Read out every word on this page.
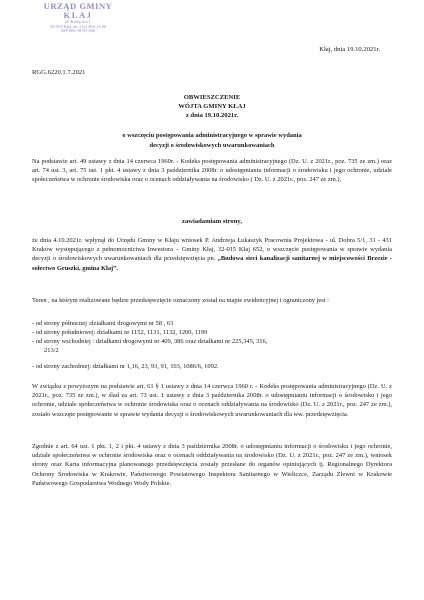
URZĄD GMINY
KLAJ
ul. Kolejowa 1
32-015 Kłaj, tel. (12) 284-11-00
NIP 683-18-91-046
Kłaj, dnia 19.10.2021r.
RGG.6220.1.7.2021
OBWIESZCZENIE
WÓJTA GMINY KŁAJ
z dnia 19.10.2021r.
o wszczęciu postępowania administracyjnego w sprawie wydania
decyzji o środowiskowych uwarunkowaniach
Na podstawie art. 49 ustawy z dnia 14 czerwca 1960r. - Kodeks postępowania administracyjnego (Dz. U. z 2021r., poz. 735 ze zm.) oraz art. 74 ust. 3, art. 75 ust. 1 pkt. 4 ustawy z dnia 3 października 2008r. o udostępnianiu informacji o środowisku i jego ochronie, udziale społeczeństwa w ochronie środowiska oraz o ocenach oddziaływania na środowisko ( Dz. U. z 2021r., poz. 247 ze zm.),
zawiadamiam strony,
że dnia 4.10.2021r. wpłynął do Urzędu Gminy w Kłaju wniosek P. Andrzeja Łukaszyk Pracownia Projektowa - ul. Dobra 5/1, 31 - 431 Kraków występującego z pełnomocnictwa Inwestora – Gminy Kłaj, 32-015 Kłaj 652, o wszczęcie postępowania w sprawie wydania decyzji o środowiskowych uwarunkowaniach dla przedsięwzięcia pn. „Budowa sieci kanalizacji sanitarnej w miejscowości Brzezie - sołectwo Gruszki, gmina Kłaj”.
Teren , na którym realizowane będzie przedsięwzięcie oznaczony został na mapie ewidencyjnej i ograniczony jest :
- od strony północnej :działkami drogowymi nr 58 , 63
- od strony południowej: działkami nr 1152, 1131, 1132, 1200, 1199
- od strony wschodniej : działkami drogowymi nr 409, 386 oraz działkami nr 225,345, 316,
213/2
- od strony zachodniej: działkami nr 1,16, 23, 93, 91, 103, 1086/6, 1092.
W związku z powyższym na podstawie art. 61 § 1 ustawy z dnia 14 czerwca 1960 r. - Kodeks postępowania administracyjnego (Dz. U. z 2021r., poz. 735 ze zm.), w ślad za art. 73 ust. 1 ustawy z dnia 3 października 2008r. o udostępnianiu informacji o środowisku i jego ochronie, udziale społeczeństwa w ochronie środowiska oraz o ocenach oddziaływania na środowisko (Dz. U. z 2021r., poz. 247 ze zm.), zostało wszczęte postępowanie w sprawie wydania decyzji o środowiskowych uwarunkowaniach dla ww. przedsięwzięcia.
Zgodnie z art. 64 ust. 1 pkt. 1, 2 i pkt. 4 ustawy z dnia 3 października 2008r. o udostępnianiu informacji o środowisku i jego ochronie, udziale społeczeństwa w ochronie środowiska oraz o ocenach oddziaływania na środowisko (Dz. U. z 2021r., poz. 247 ze zm.), wniosek strony oraz Karta informacyjna planowanego przedsięwzięcia zostały przesłane do organów opiniujących tj. Regionalnego Dyrektora Ochrony Środowiska w Krakowie, Państwowego Powiatowego Inspektora Sanitarnego w Wieliczce, Zarządu Zlewni w Krakowie Państwowego Gospodarstwa Wodnego Wody Polskie.
